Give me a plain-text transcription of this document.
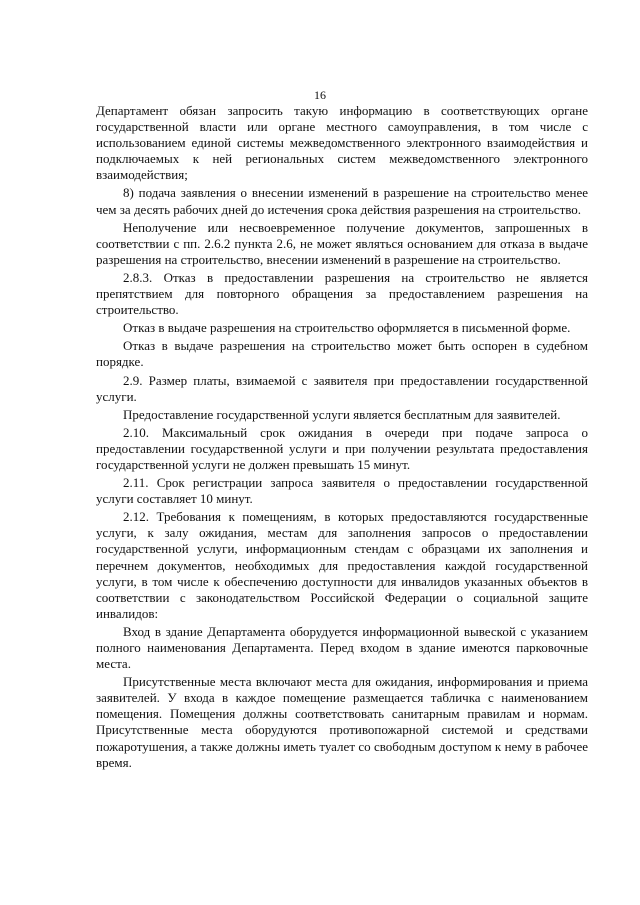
16

Департамент обязан запросить такую информацию в соответствующих органе государственной власти или органе местного самоуправления, в том числе с использованием единой системы межведомственного электронного взаимодействия и подключаемых к ней региональных систем межведомственного электронного взаимодействия;

8) подача заявления о внесении изменений в разрешение на строительство менее чем за десять рабочих дней до истечения срока действия разрешения на строительство.

Неполучение или несвоевременное получение документов, запрошенных в соответствии с пп. 2.6.2 пункта 2.6, не может являться основанием для отказа в выдаче разрешения на строительство, внесении изменений в разрешение на строительство.

2.8.3. Отказ в предоставлении разрешения на строительство не является препятствием для повторного обращения за предоставлением разрешения на строительство.

Отказ в выдаче разрешения на строительство оформляется в письменной форме.

Отказ в выдаче разрешения на строительство может быть оспорен в судебном порядке.

2.9. Размер платы, взимаемой с заявителя при предоставлении государственной услуги.

Предоставление государственной услуги является бесплатным для заявителей.

2.10. Максимальный срок ожидания в очереди при подаче запроса о предоставлении государственной услуги и при получении результата предоставления государственной услуги не должен превышать 15 минут.

2.11. Срок регистрации запроса заявителя о предоставлении государственной услуги составляет 10 минут.

2.12. Требования к помещениям, в которых предоставляются государственные услуги, к залу ожидания, местам для заполнения запросов о предоставлении государственной услуги, информационным стендам с образцами их заполнения и перечнем документов, необходимых для предоставления каждой государственной услуги, в том числе к обеспечению доступности для инвалидов указанных объектов в соответствии с законодательством Российской Федерации о социальной защите инвалидов:

Вход в здание Департамента оборудуется информационной вывеской с указанием полного наименования Департамента. Перед входом в здание имеются парковочные места.

Присутственные места включают места для ожидания, информирования и приема заявителей. У входа в каждое помещение размещается табличка с наименованием помещения. Помещения должны соответствовать санитарным правилам и нормам. Присутственные места оборудуются противопожарной системой и средствами пожаротушения, а также должны иметь туалет со свободным доступом к нему в рабочее время.
